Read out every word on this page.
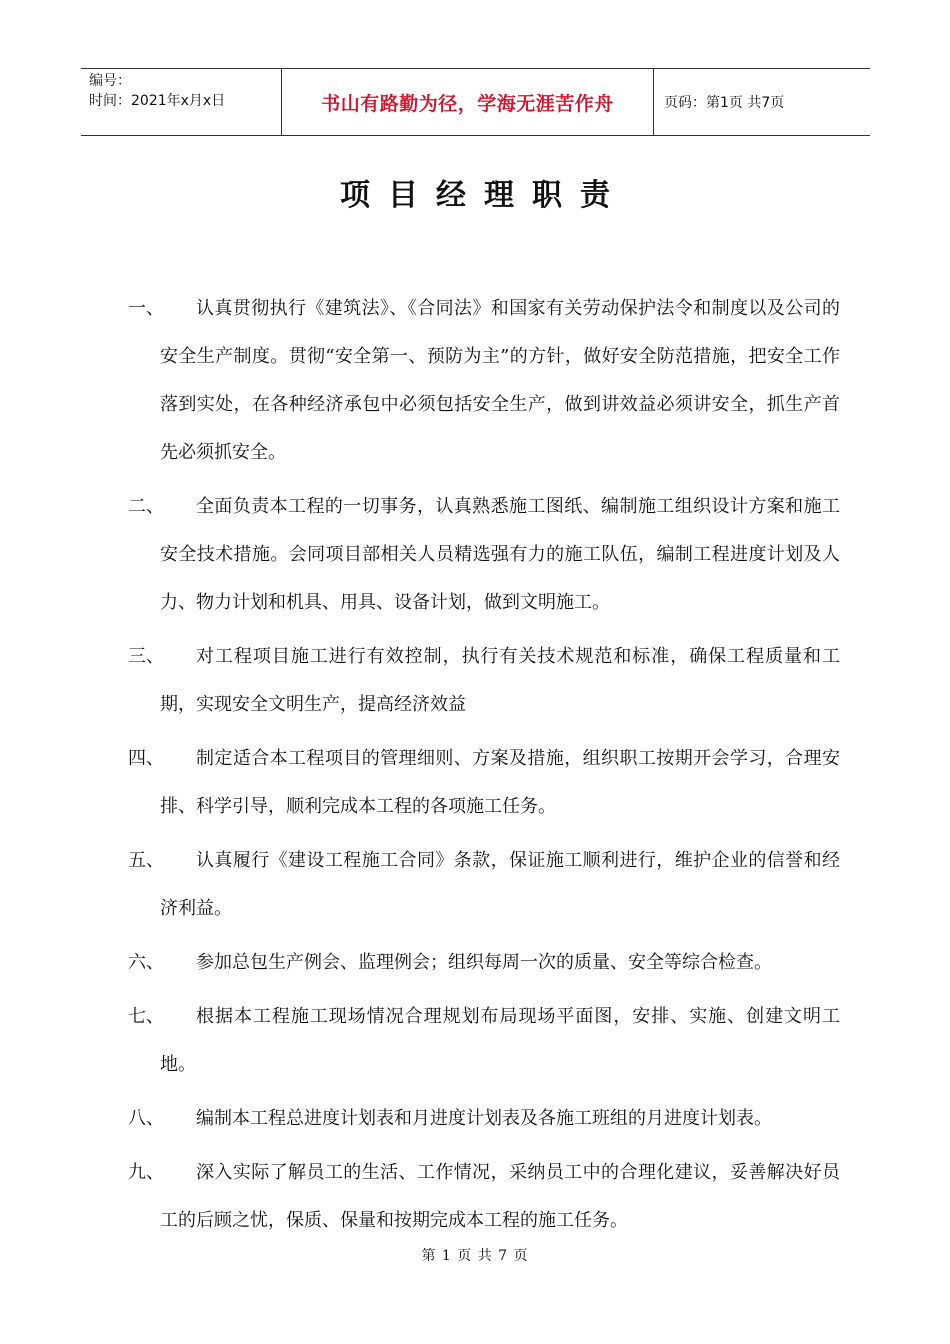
编号：
时间：2021年x月x日	书山有路勤为径，学海无涯苦作舟	页码：第1页 共7页
项目经理职责
一、	认真贯彻执行《建筑法》、《合同法》和国家有关劳动保护法令和制度以及公司的安全生产制度。贯彻“安全第一、预防为主”的方针，做好安全防范措施，把安全工作落到实处，在各种经济承包中必须包括安全生产，做到讲效益必须讲安全，抓生产首先必须抓安全。
二、	全面负责本工程的一切事务，认真熟悉施工图纸、编制施工组织设计方案和施工安全技术措施。会同项目部相关人员精选强有力的施工队伍，编制工程进度计划及人力、物力计划和机具、用具、设备计划，做到文明施工。
三、	对工程项目施工进行有效控制，执行有关技术规范和标准，确保工程质量和工期，实现安全文明生产，提高经济效益
四、	制定适合本工程项目的管理细则、方案及措施，组织职工按期开会学习，合理安排、科学引导，顺利完成本工程的各项施工任务。
五、	认真履行《建设工程施工合同》条款，保证施工顺利进行，维护企业的信誉和经济利益。
六、	参加总包生产例会、监理例会；组织每周一次的质量、安全等综合检查。
七、	根据本工程施工现场情况合理规划布局现场平面图，安排、实施、创建文明工地。
八、	编制本工程总进度计划表和月进度计划表及各施工班组的月进度计划表。
九、	深入实际了解员工的生活、工作情况，采纳员工中的合理化建议，妥善解决好员工的后顾之忧，保质、保量和按期完成本工程的施工任务。
第 1 页 共 7 页
